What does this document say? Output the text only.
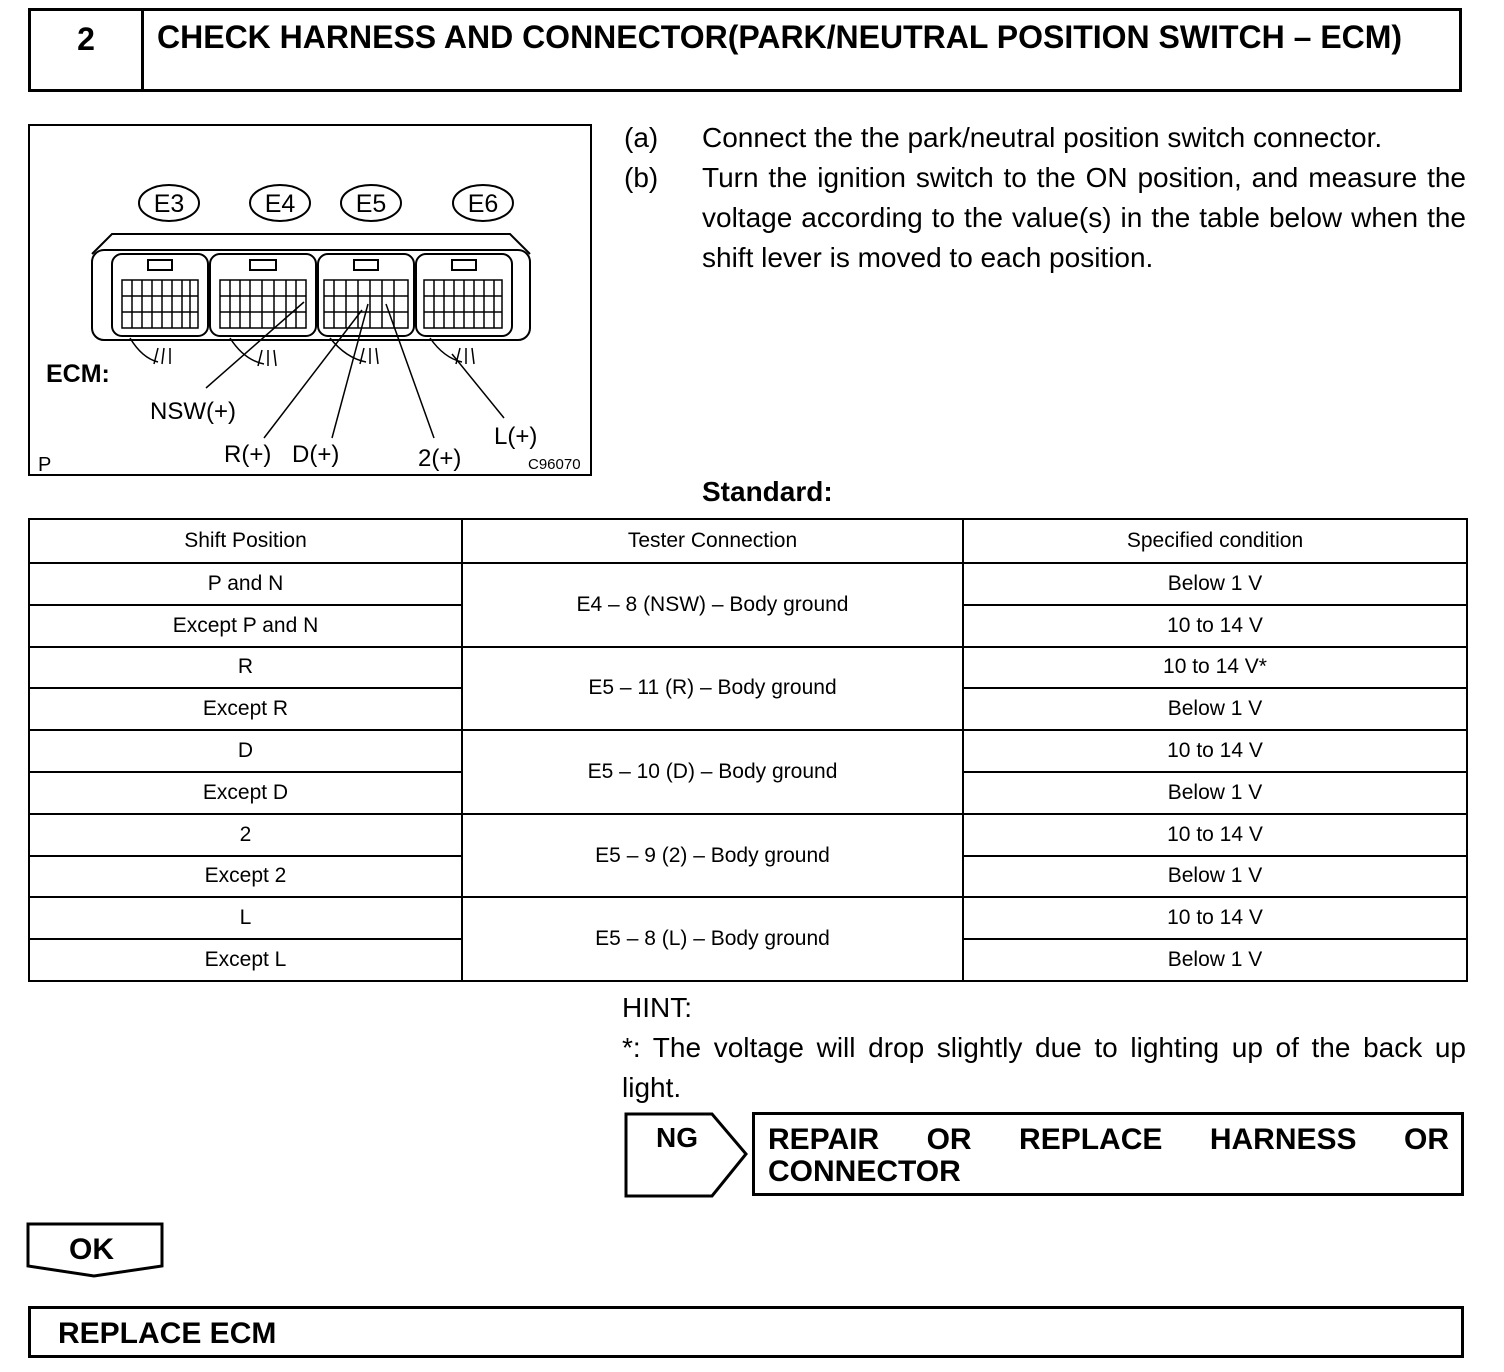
2	CHECK HARNESS AND CONNECTOR(PARK/NEUTRAL POSITION SWITCH – ECM)
E3	E4 E5	E6
ECM:
NSW(+)
R(+) D(+)	2(+)
L(+)
P	C96070
(a)	Connect the the park/neutral position switch connector.
(b)	Turn the ignition switch to the ON position, and measure the voltage according to the value(s) in the table below when the shift lever is moved to each position.
Standard:
Shift Position	Tester Connection	Specified condition
P and N	E4 – 8 (NSW) – Body ground	Below 1 V
Except P and N		10 to 14 V
R	E5 – 11 (R) – Body ground	10 to 14 V*
Except R		Below 1 V
D	E5 – 10 (D) – Body ground	10 to 14 V
Except D		Below 1 V
2	E5 – 9 (2) – Body ground	10 to 14 V
Except 2		Below 1 V
L	E5 – 8 (L) – Body ground	10 to 14 V
Except L		Below 1 V
HINT:
*: The voltage will drop slightly due to lighting up of the back up light.
NG	REPAIR OR REPLACE HARNESS OR CONNECTOR
OK
REPLACE ECM
